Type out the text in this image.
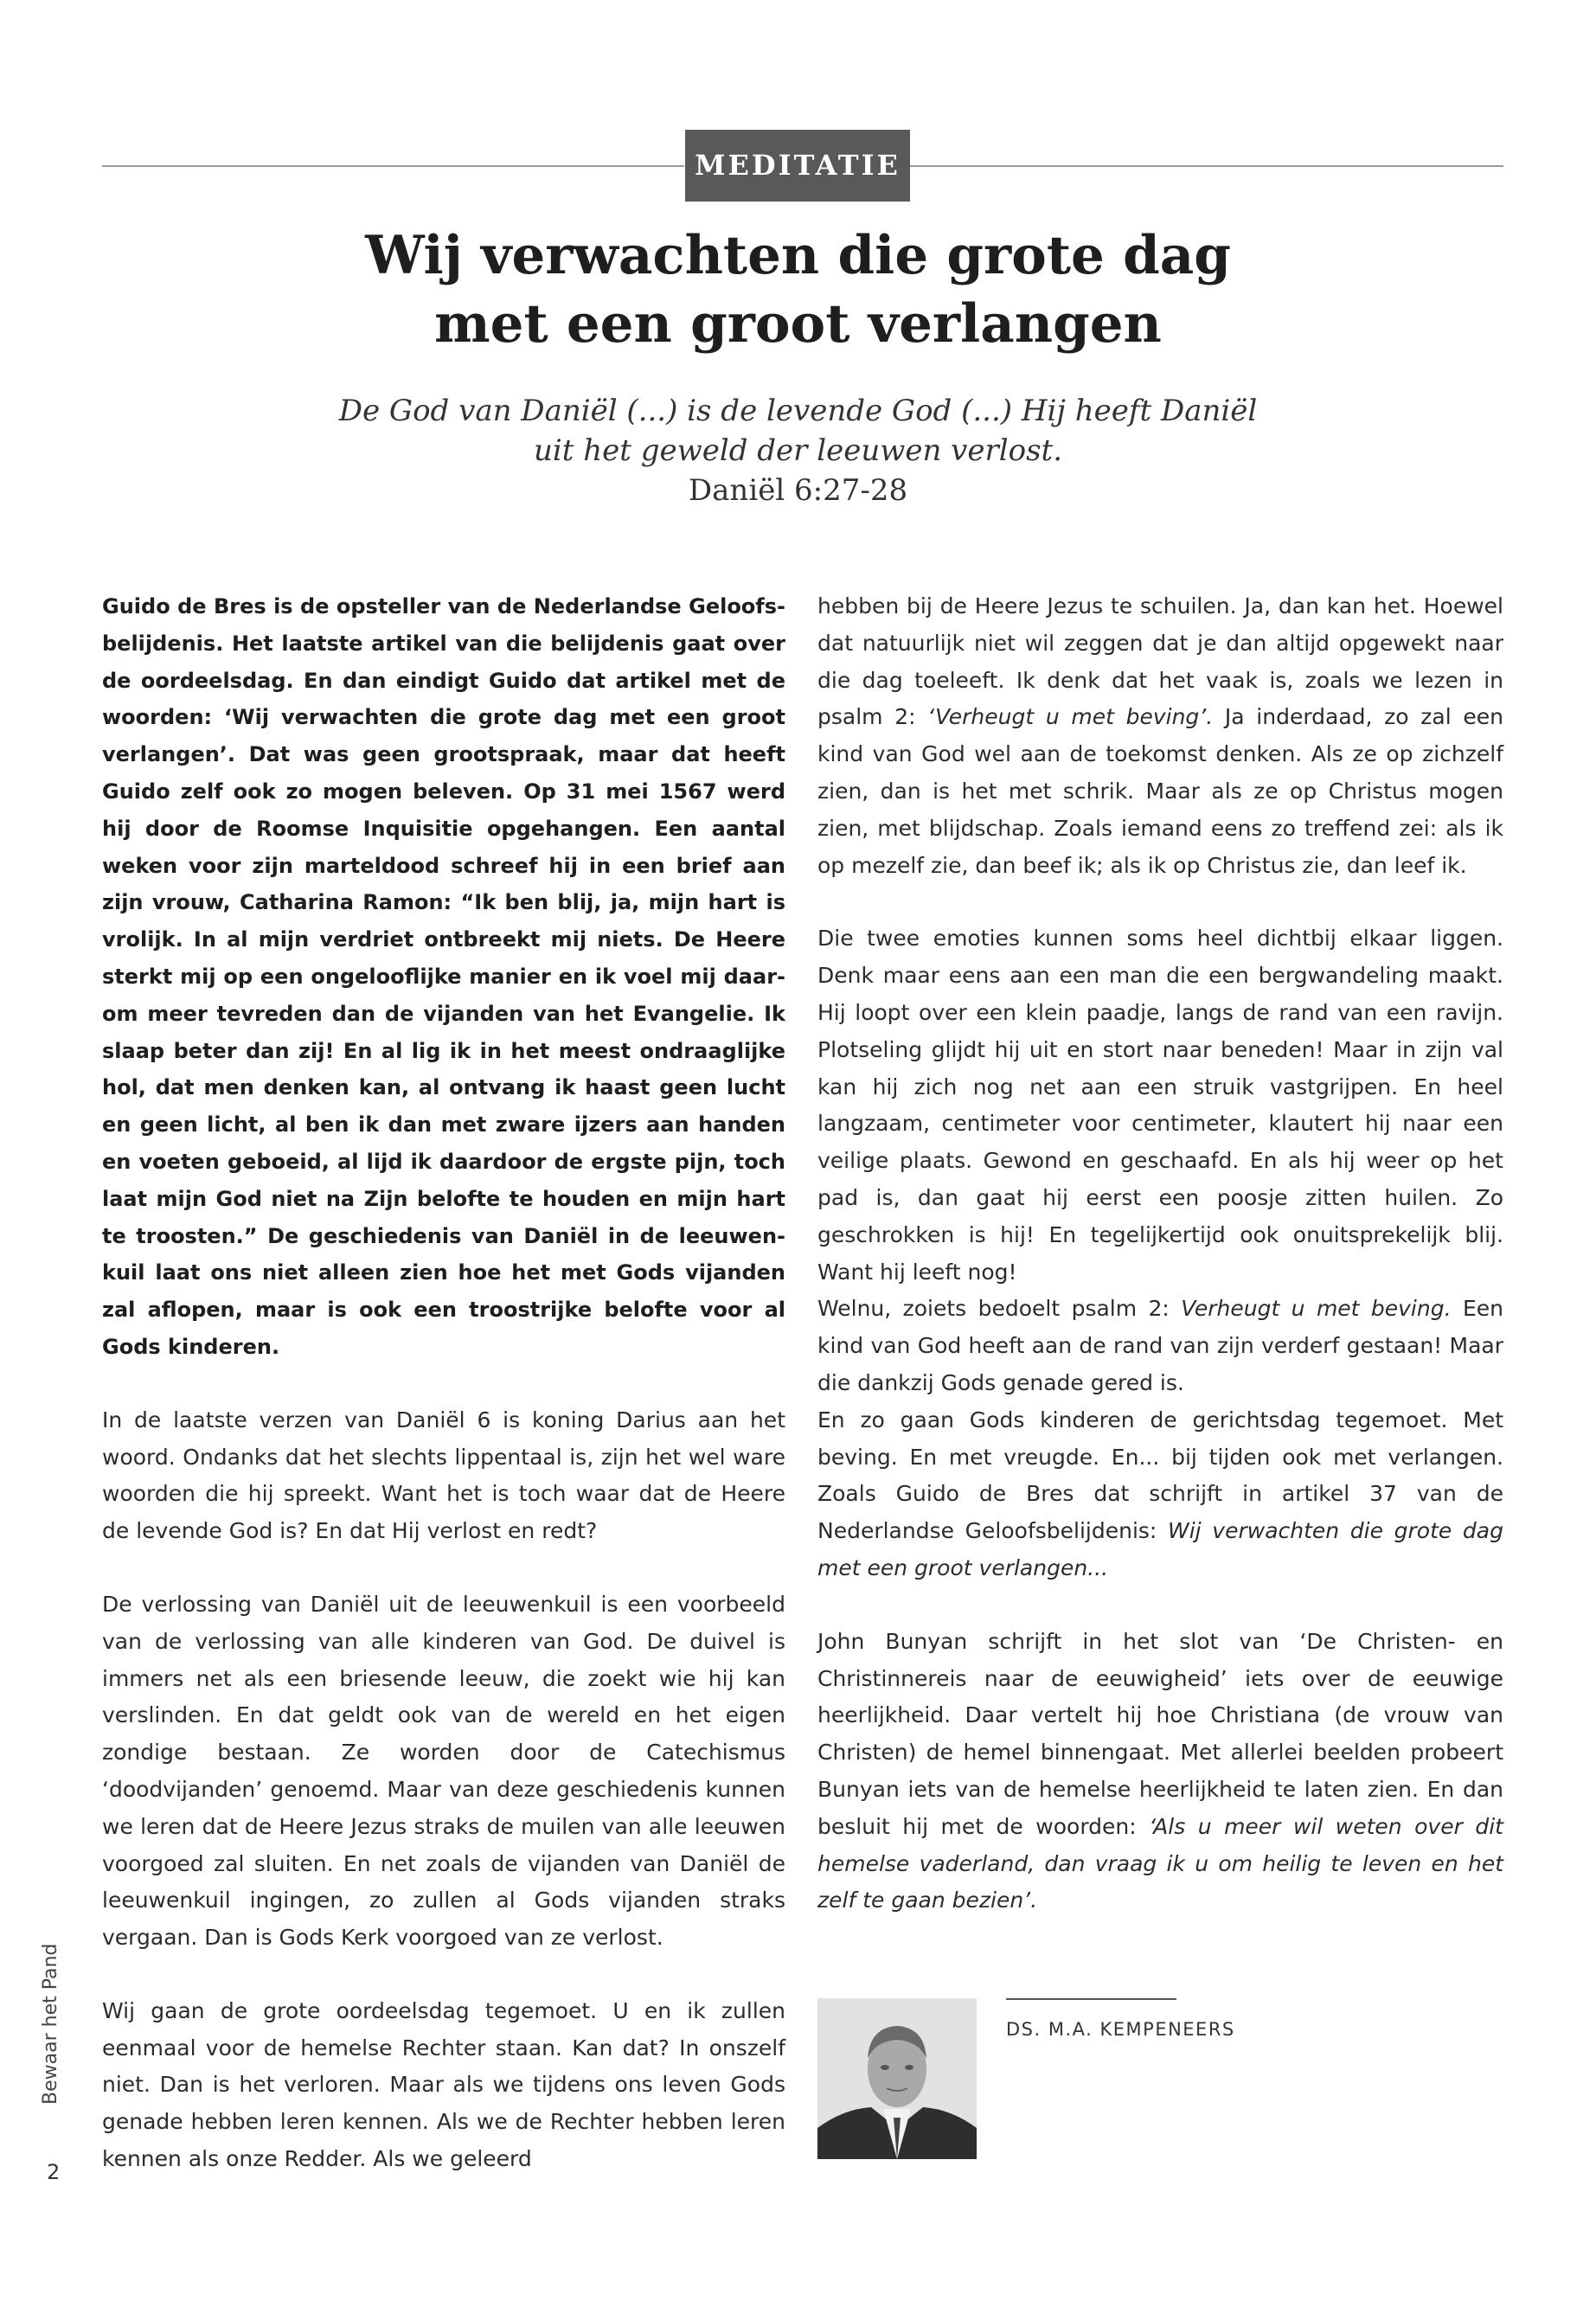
MEDITATIE
Wij verwachten die grote dag
met een groot verlangen
De God van Daniël (...) is de levende God (...) Hij heeft Daniël
uit het geweld der leeuwen verlost.
Daniël 6:27-28

Guido de Bres is de opsteller van de Nederlandse Geloofsbelijdenis. Het laatste artikel van die belijdenis gaat over de oordeelsdag. En dan eindigt Guido dat artikel met de woorden: ‘Wij verwachten die grote dag met een groot verlangen’. Dat was geen grootspraak, maar dat heeft Guido zelf ook zo mogen beleven. Op 31 mei 1567 werd hij door de Roomse Inquisitie opgehangen. Een aantal weken voor zijn marteldood schreef hij in een brief aan zijn vrouw, Catharina Ramon: “Ik ben blij, ja, mijn hart is vrolijk. In al mijn verdriet ontbreekt mij niets. De Heere sterkt mij op een ongelooflijke manier en ik voel mij daarom meer tevreden dan de vijanden van het Evangelie. Ik slaap beter dan zij! En al lig ik in het meest ondraaglijke hol, dat men denken kan, al ontvang ik haast geen lucht en geen licht, al ben ik dan met zware ijzers aan handen en voeten geboeid, al lijd ik daardoor de ergste pijn, toch laat mijn God niet na Zijn belofte te houden en mijn hart te troosten.” De geschiedenis van Daniël in de leeuwenkuil laat ons niet alleen zien hoe het met Gods vijanden zal aflopen, maar is ook een troostrijke belofte voor al Gods kinderen.

In de laatste verzen van Daniël 6 is koning Darius aan het woord. Ondanks dat het slechts lippentaal is, zijn het wel ware woorden die hij spreekt. Want het is toch waar dat de Heere de levende God is? En dat Hij verlost en redt?

De verlossing van Daniël uit de leeuwenkuil is een voorbeeld van de verlossing van alle kinderen van God. De duivel is immers net als een briesende leeuw, die zoekt wie hij kan verslinden. En dat geldt ook van de wereld en het eigen zondige bestaan. Ze worden door de Catechismus ‘doodvijanden’ genoemd. Maar van deze geschiedenis kunnen we leren dat de Heere Jezus straks de muilen van alle leeuwen voorgoed zal sluiten. En net zoals de vijanden van Daniël de leeuwenkuil ingingen, zo zullen al Gods vijanden straks vergaan. Dan is Gods Kerk voorgoed van ze verlost.

Wij gaan de grote oordeelsdag tegemoet. U en ik zullen eenmaal voor de hemelse Rechter staan. Kan dat? In onszelf niet. Dan is het verloren. Maar als we tijdens ons leven Gods genade hebben leren kennen. Als we de Rechter hebben leren kennen als onze Redder. Als we geleerd

hebben bij de Heere Jezus te schuilen. Ja, dan kan het. Hoewel dat natuurlijk niet wil zeggen dat je dan altijd opgewekt naar die dag toeleeft. Ik denk dat het vaak is, zoals we lezen in psalm 2: ‘Verheugt u met beving’. Ja inderdaad, zo zal een kind van God wel aan de toekomst denken. Als ze op zichzelf zien, dan is het met schrik. Maar als ze op Christus mogen zien, met blijdschap. Zoals iemand eens zo treffend zei: als ik op mezelf zie, dan beef ik; als ik op Christus zie, dan leef ik.

Die twee emoties kunnen soms heel dichtbij elkaar liggen. Denk maar eens aan een man die een bergwandeling maakt. Hij loopt over een klein paadje, langs de rand van een ravijn. Plotseling glijdt hij uit en stort naar beneden! Maar in zijn val kan hij zich nog net aan een struik vastgrijpen. En heel langzaam, centimeter voor centimeter, klautert hij naar een veilige plaats. Gewond en geschaafd. En als hij weer op het pad is, dan gaat hij eerst een poosje zitten huilen. Zo geschrokken is hij! En tegelijkertijd ook onuitsprekelijk blij. Want hij leeft nog!

Welnu, zoiets bedoelt psalm 2: Verheugt u met beving. Een kind van God heeft aan de rand van zijn verderf gestaan! Maar die dankzij Gods genade gered is.

En zo gaan Gods kinderen de gerichtsdag tegemoet. Met beving. En met vreugde. En... bij tijden ook met verlangen. Zoals Guido de Bres dat schrijft in artikel 37 van de Nederlandse Geloofsbelijdenis: Wij verwachten die grote dag met een groot verlangen...

John Bunyan schrijft in het slot van ‘De Christen- en Christinnereis naar de eeuwigheid’ iets over de eeuwige heerlijkheid. Daar vertelt hij hoe Christiana (de vrouw van Christen) de hemel binnengaat. Met allerlei beelden probeert Bunyan iets van de hemelse heerlijkheid te laten zien. En dan besluit hij met de woorden: ‘Als u meer wil weten over dit hemelse vaderland, dan vraag ik u om heilig te leven en het zelf te gaan bezien’.

DS. M.A. KEMPENEERS
Bewaar het Pand
2
